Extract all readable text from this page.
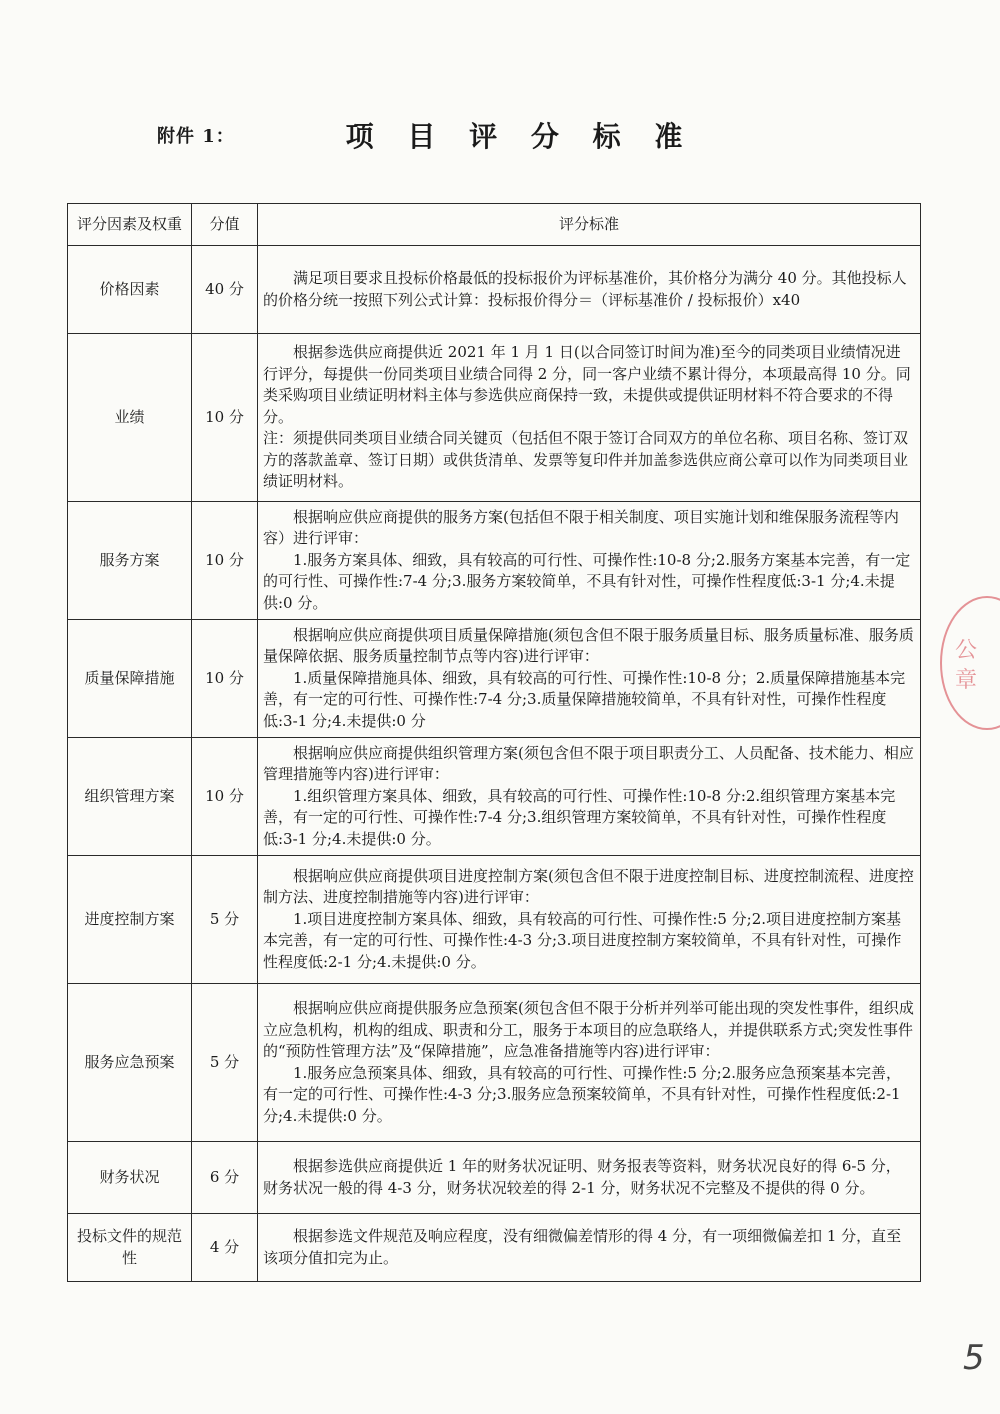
附件 1：	项 目 评 分 标 准
评分因素及权重	分值	评分标准
价格因素	40 分	满足项目要求且投标价格最低的投标报价为评标基准价，其价格分为满分 40 分。其他投标人的价格分统一按照下列公式计算：投标报价得分＝（评标基准价 / 投标报价）x40

业绩	10 分	根据参选供应商提供近 2021 年 1 月 1 日(以合同签订时间为准)至今的同类项目业绩情况进行评分，每提供一份同类项目业绩合同得 2 分，同一客户业绩不累计得分，本项最高得 10 分。同类采购项目业绩证明材料主体与参选供应商保持一致，未提供或提供证明材料不符合要求的不得分。
注：须提供同类项目业绩合同关键页（包括但不限于签订合同双方的单位名称、项目名称、签订双方的落款盖章、签订日期）或供货清单、发票等复印件并加盖参选供应商公章可以作为同类项目业绩证明材料。

服务方案	10 分	根据响应供应商提供的服务方案(包括但不限于相关制度、项目实施计划和维保服务流程等内容）进行评审：
1.服务方案具体、细致，具有较高的可行性、可操作性:10-8 分;2.服务方案基本完善，有一定的可行性、可操作性:7-4 分;3.服务方案较简单，不具有针对性，可操作性程度低:3-1 分;4.未提供:0 分。

质量保障措施	10 分	根据响应供应商提供项目质量保障措施(须包含但不限于服务质量目标、服务质量标准、服务质量保障依据、服务质量控制节点等内容)进行评审：
1.质量保障措施具体、细致，具有较高的可行性、可操作性:10-8 分；2.质量保障措施基本完善，有一定的可行性、可操作性:7-4 分;3.质量保障措施较简单，不具有针对性，可操作性程度低:3-1 分;4.未提供:0 分

组织管理方案	10 分	根据响应供应商提供组织管理方案(须包含但不限于项目职责分工、人员配备、技术能力、相应管理措施等内容)进行评审：
1.组织管理方案具体、细致，具有较高的可行性、可操作性:10-8 分:2.组织管理方案基本完善，有一定的可行性、可操作性:7-4 分;3.组织管理方案较简单，不具有针对性，可操作性程度低:3-1 分;4.未提供:0 分。

进度控制方案	5 分	根据响应供应商提供项目进度控制方案(须包含但不限于进度控制目标、进度控制流程、进度控制方法、进度控制措施等内容)进行评审：
1.项目进度控制方案具体、细致，具有较高的可行性、可操作性:5 分;2.项目进度控制方案基本完善，有一定的可行性、可操作性:4-3 分;3.项目进度控制方案较简单，不具有针对性，可操作性程度低:2-1 分;4.未提供:0 分。

服务应急预案	5 分	根据响应供应商提供服务应急预案(须包含但不限于分析并列举可能出现的突发性事件，组织成立应急机构，机构的组成、职责和分工，服务于本项目的应急联络人，并提供联系方式;突发性事件的“预防性管理方法”及“保障措施”，应急准备措施等内容)进行评审：
1.服务应急预案具体、细致，具有较高的可行性、可操作性:5 分;2.服务应急预案基本完善，有一定的可行性、可操作性:4-3 分;3.服务应急预案较简单，不具有针对性，可操作性程度低:2-1 分;4.未提供:0 分。

财务状况	6 分	根据参选供应商提供近 1 年的财务状况证明、财务报表等资料，财务状况良好的得 6-5 分，财务状况一般的得 4-3 分，财务状况较差的得 2-1 分，财务状况不完整及不提供的得 0 分。

投标文件的规范性	4 分	根据参选文件规范及响应程度，没有细微偏差情形的得 4 分，有一项细微偏差扣 1 分，直至该项分值扣完为止。
公 章
5
